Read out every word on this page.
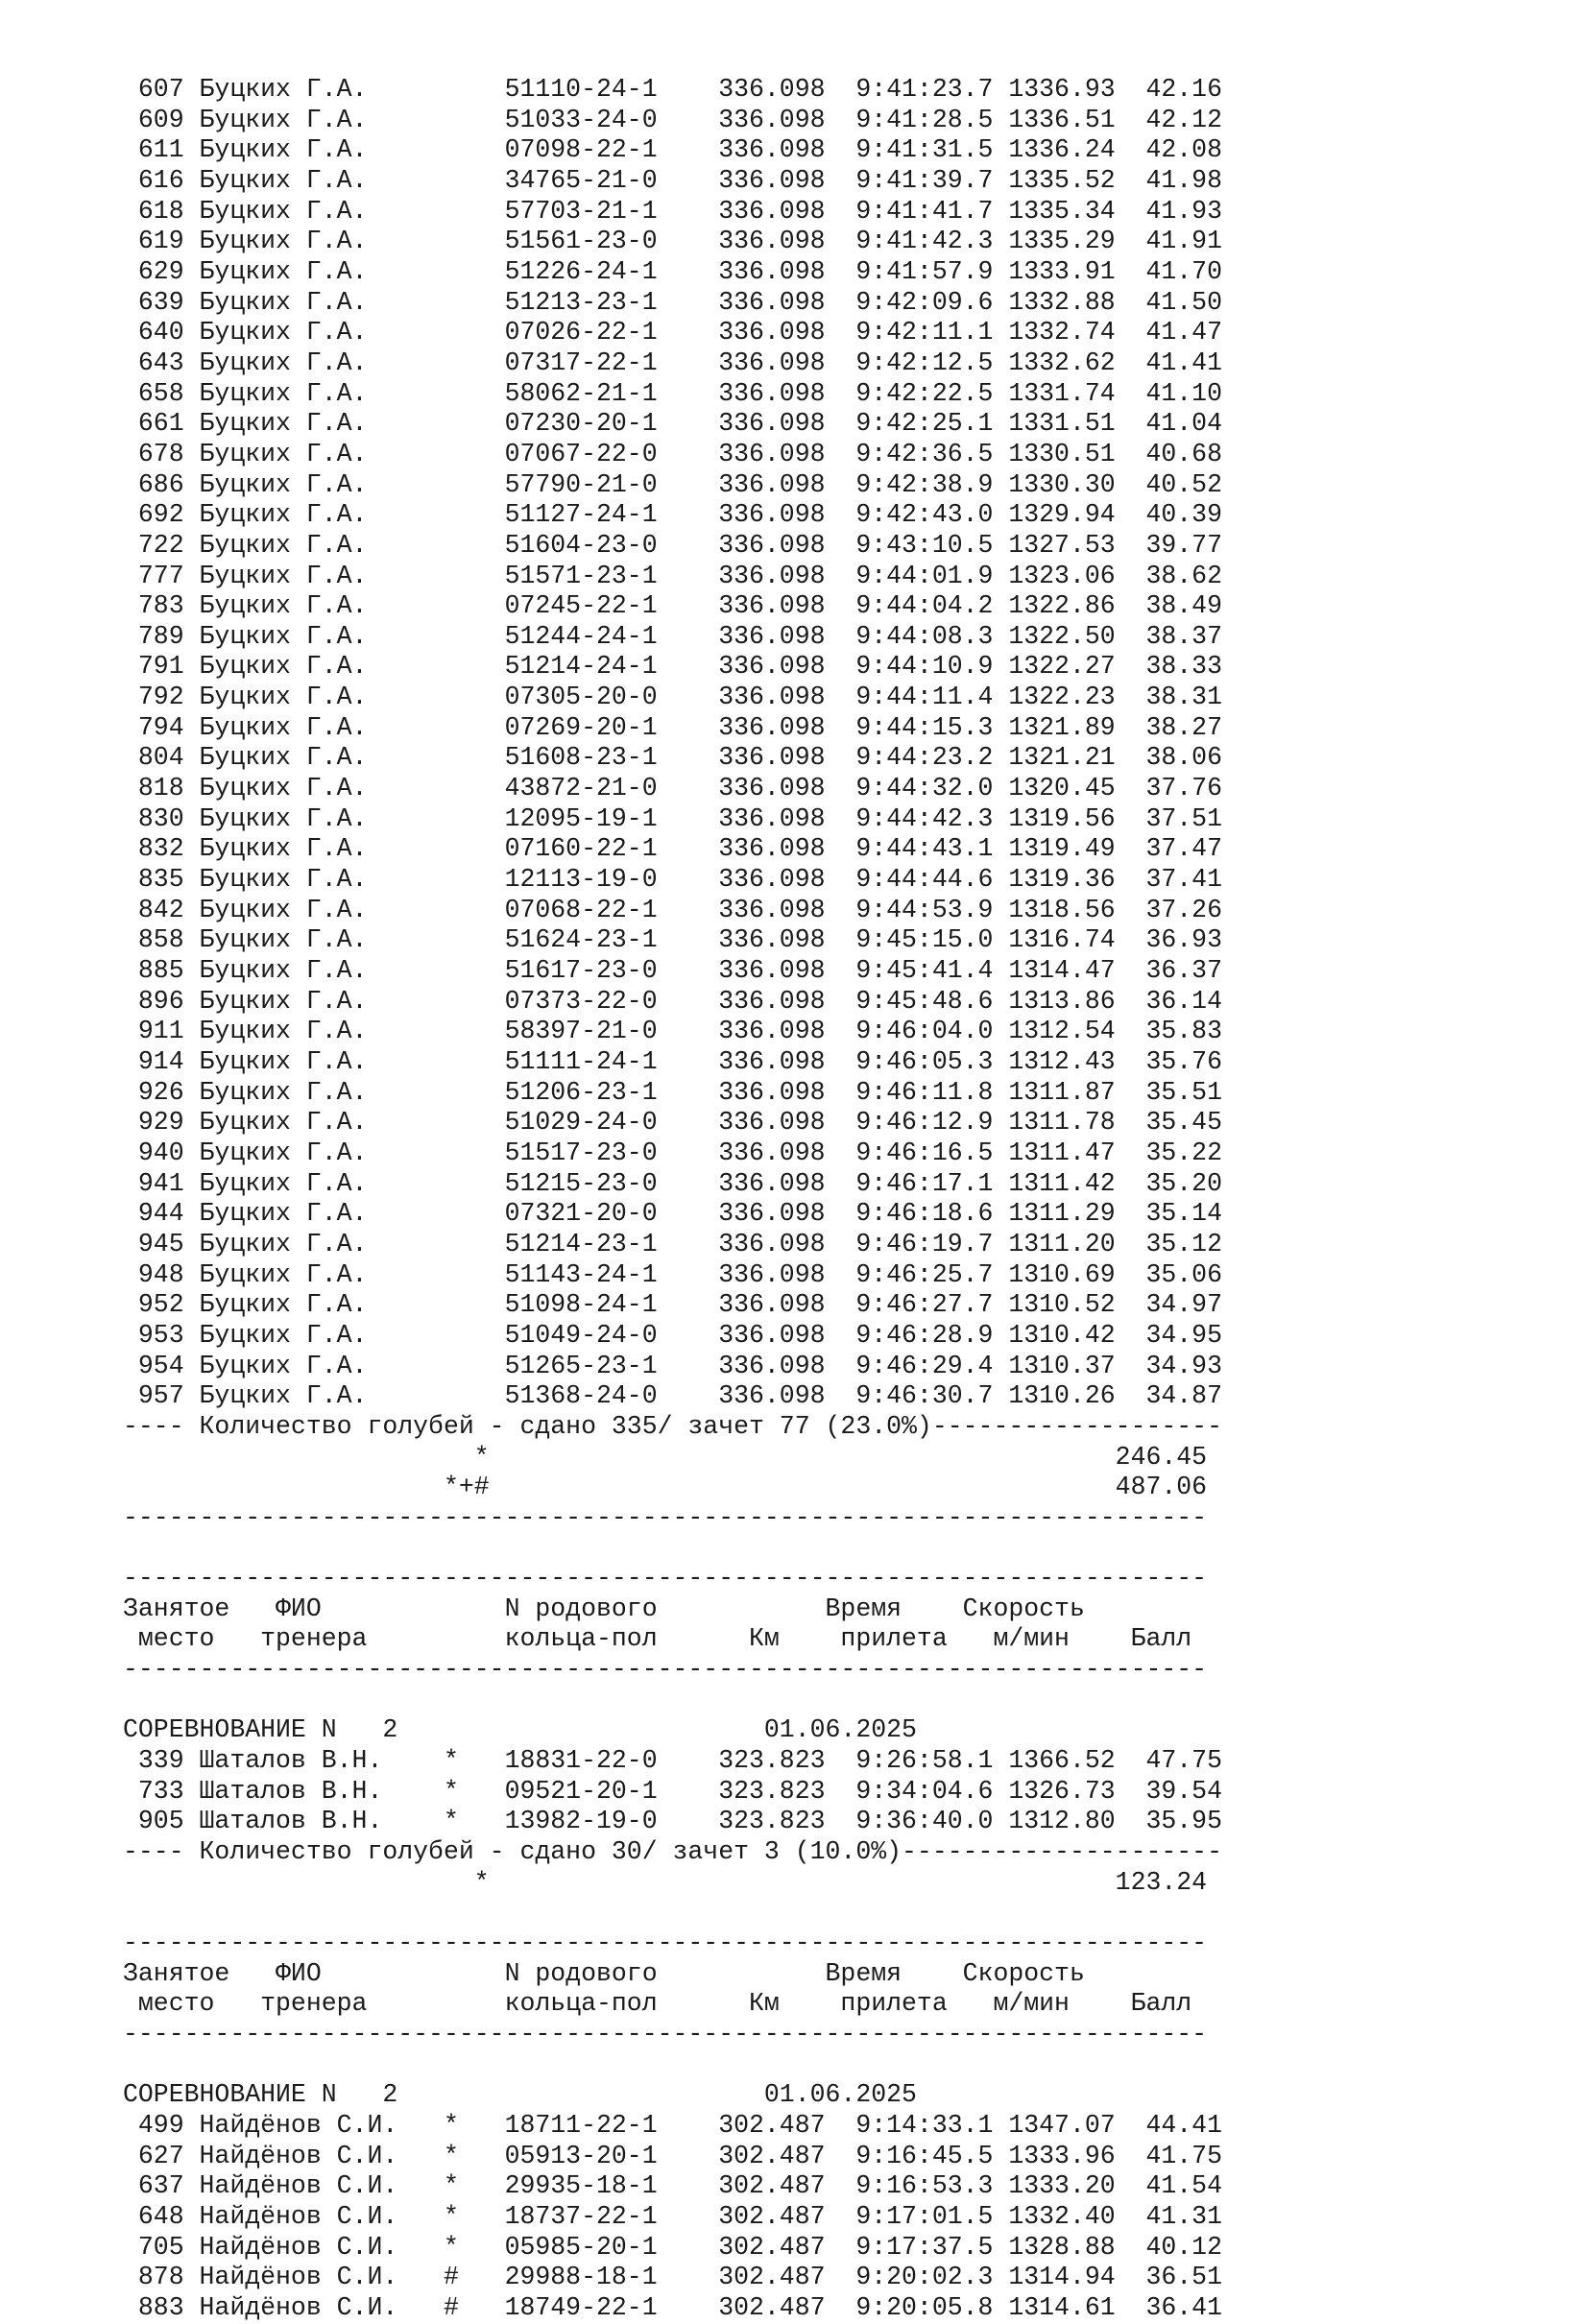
607 Буцких Г.А.         51110-24-1    336.098  9:41:23.7 1336.93  42.16
609 Буцких Г.А.         51033-24-0    336.098  9:41:28.5 1336.51  42.12
611 Буцких Г.А.         07098-22-1    336.098  9:41:31.5 1336.24  42.08
616 Буцких Г.А.         34765-21-0    336.098  9:41:39.7 1335.52  41.98
618 Буцких Г.А.         57703-21-1    336.098  9:41:41.7 1335.34  41.93
619 Буцких Г.А.         51561-23-0    336.098  9:41:42.3 1335.29  41.91
629 Буцких Г.А.         51226-24-1    336.098  9:41:57.9 1333.91  41.70
639 Буцких Г.А.         51213-23-1    336.098  9:42:09.6 1332.88  41.50
640 Буцких Г.А.         07026-22-1    336.098  9:42:11.1 1332.74  41.47
643 Буцких Г.А.         07317-22-1    336.098  9:42:12.5 1332.62  41.41
658 Буцких Г.А.         58062-21-1    336.098  9:42:22.5 1331.74  41.10
661 Буцких Г.А.         07230-20-1    336.098  9:42:25.1 1331.51  41.04
678 Буцких Г.А.         07067-22-0    336.098  9:42:36.5 1330.51  40.68
686 Буцких Г.А.         57790-21-0    336.098  9:42:38.9 1330.30  40.52
692 Буцких Г.А.         51127-24-1    336.098  9:42:43.0 1329.94  40.39
722 Буцких Г.А.         51604-23-0    336.098  9:43:10.5 1327.53  39.77
777 Буцких Г.А.         51571-23-1    336.098  9:44:01.9 1323.06  38.62
783 Буцких Г.А.         07245-22-1    336.098  9:44:04.2 1322.86  38.49
789 Буцких Г.А.         51244-24-1    336.098  9:44:08.3 1322.50  38.37
791 Буцких Г.А.         51214-24-1    336.098  9:44:10.9 1322.27  38.33
792 Буцких Г.А.         07305-20-0    336.098  9:44:11.4 1322.23  38.31
794 Буцких Г.А.         07269-20-1    336.098  9:44:15.3 1321.89  38.27
804 Буцких Г.А.         51608-23-1    336.098  9:44:23.2 1321.21  38.06
818 Буцких Г.А.         43872-21-0    336.098  9:44:32.0 1320.45  37.76
830 Буцких Г.А.         12095-19-1    336.098  9:44:42.3 1319.56  37.51
832 Буцких Г.А.         07160-22-1    336.098  9:44:43.1 1319.49  37.47
835 Буцких Г.А.         12113-19-0    336.098  9:44:44.6 1319.36  37.41
842 Буцких Г.А.         07068-22-1    336.098  9:44:53.9 1318.56  37.26
858 Буцких Г.А.         51624-23-1    336.098  9:45:15.0 1316.74  36.93
885 Буцких Г.А.         51617-23-0    336.098  9:45:41.4 1314.47  36.37
896 Буцких Г.А.         07373-22-0    336.098  9:45:48.6 1313.86  36.14
911 Буцких Г.А.         58397-21-0    336.098  9:46:04.0 1312.54  35.83
914 Буцких Г.А.         51111-24-1    336.098  9:46:05.3 1312.43  35.76
926 Буцких Г.А.         51206-23-1    336.098  9:46:11.8 1311.87  35.51
929 Буцких Г.А.         51029-24-0    336.098  9:46:12.9 1311.78  35.45
940 Буцких Г.А.         51517-23-0    336.098  9:46:16.5 1311.47  35.22
941 Буцких Г.А.         51215-23-0    336.098  9:46:17.1 1311.42  35.20
944 Буцких Г.А.         07321-20-0    336.098  9:46:18.6 1311.29  35.14
945 Буцких Г.А.         51214-23-1    336.098  9:46:19.7 1311.20  35.12
948 Буцких Г.А.         51143-24-1    336.098  9:46:25.7 1310.69  35.06
952 Буцких Г.А.         51098-24-1    336.098  9:46:27.7 1310.52  34.97
953 Буцких Г.А.         51049-24-0    336.098  9:46:28.9 1310.42  34.95
954 Буцких Г.А.         51265-23-1    336.098  9:46:29.4 1310.37  34.93
957 Буцких Г.А.         51368-24-0    336.098  9:46:30.7 1310.26  34.87
---- Количество голубей - сдано 335/ зачет 77 (23.0%)-------------------
*                                         246.45
*+#                                         487.06
-----------------------------------------------------------------------
-----------------------------------------------------------------------
Занятое   ФИО            N родового           Время    Скорость
место   тренера         кольца-пол      Км    прилета   м/мин    Балл
-----------------------------------------------------------------------
СОРЕВНОВАНИЕ N   2                        01.06.2025
339 Шаталов В.Н.    *   18831-22-0    323.823  9:26:58.1 1366.52  47.75
733 Шаталов В.Н.    *   09521-20-1    323.823  9:34:04.6 1326.73  39.54
905 Шаталов В.Н.    *   13982-19-0    323.823  9:36:40.0 1312.80  35.95
---- Количество голубей - сдано 30/ зачет 3 (10.0%)---------------------
*                                         123.24
-----------------------------------------------------------------------
Занятое   ФИО            N родового           Время    Скорость
место   тренера         кольца-пол      Км    прилета   м/мин    Балл
-----------------------------------------------------------------------
СОРЕВНОВАНИЕ N   2                        01.06.2025
499 Найдёнов С.И.   *   18711-22-1    302.487  9:14:33.1 1347.07  44.41
627 Найдёнов С.И.   *   05913-20-1    302.487  9:16:45.5 1333.96  41.75
637 Найдёнов С.И.   *   29935-18-1    302.487  9:16:53.3 1333.20  41.54
648 Найдёнов С.И.   *   18737-22-1    302.487  9:17:01.5 1332.40  41.31
705 Найдёнов С.И.   *   05985-20-1    302.487  9:17:37.5 1328.88  40.12
878 Найдёнов С.И.   #   29988-18-1    302.487  9:20:02.3 1314.94  36.51
883 Найдёнов С.И.   #   18749-22-1    302.487  9:20:05.8 1314.61  36.41
